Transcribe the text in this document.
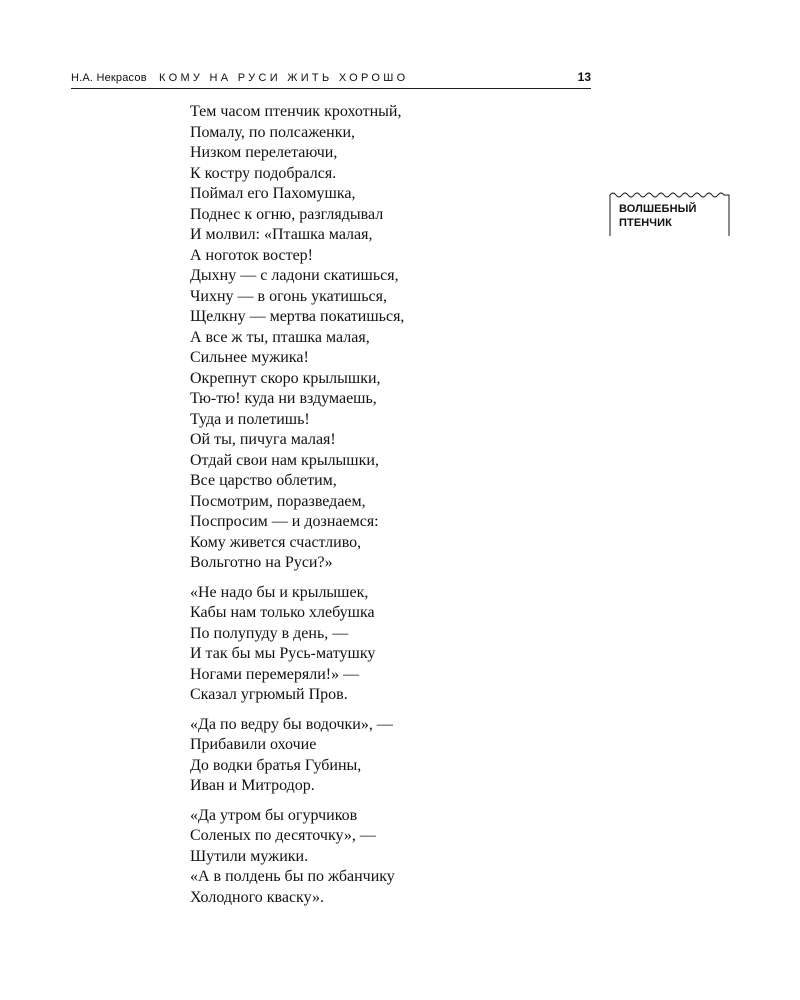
Н.А. Некрасов КОМУ НА РУСИ ЖИТЬ ХОРОШО	13
Тем часом птенчик крохотный,
Помалу, по полсаженки,
Низком перелетаючи,
К костру подобрался.
Поймал его Пахомушка,
Поднес к огню, разглядывал
И молвил: «Пташка малая,
А ноготок востер!
Дыхну — с ладони скатишься,
Чихну — в огонь укатишься,
Щелкну — мертва покатишься,
А все ж ты, пташка малая,
Сильнее мужика!
Окрепнут скоро крылышки,
Тю-тю! куда ни вздумаешь,
Туда и полетишь!
Ой ты, пичуга малая!
Отдай свои нам крылышки,
Все царство облетим,
Посмотрим, поразведаем,
Поспросим — и дознаемся:
Кому живется счастливо,
Вольготно на Руси?»
«Не надо бы и крылышек,
Кабы нам только хлебушка
По полупуду в день, —
И так бы мы Русь-матушку
Ногами перемеряли!» —
Сказал угрюмый Пров.
«Да по ведру бы водочки», —
Прибавили охочие
До водки братья Губины,
Иван и Митродор.
«Да утром бы огурчиков
Соленых по десяточку», —
Шутили мужики.
«А в полдень бы по жбанчику
Холодного кваску».
ВОЛШЕБНЫЙ
ПТЕНЧИК
